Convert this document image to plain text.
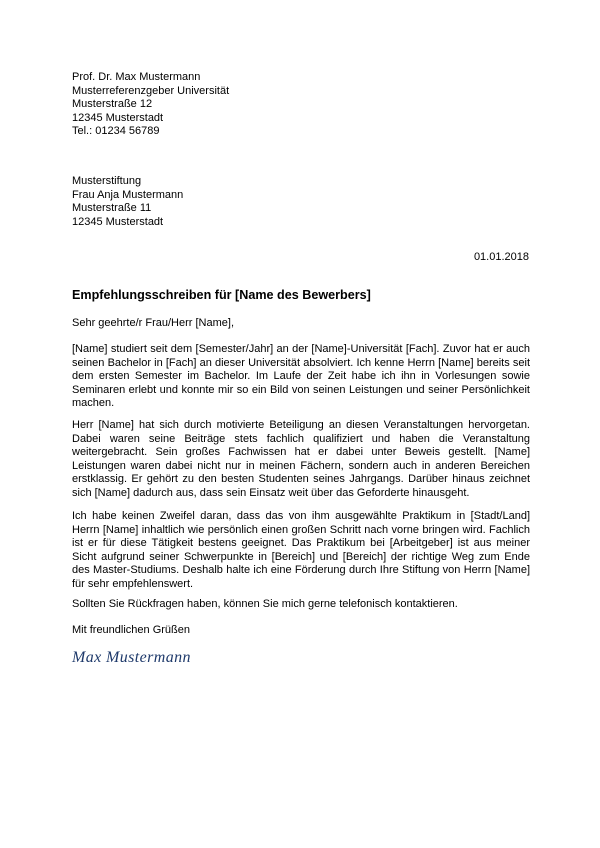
Prof. Dr. Max Mustermann
Musterreferenzgeber Universität
Musterstraße 12
12345 Musterstadt
Tel.: 01234 56789
Musterstiftung
Frau Anja Mustermann
Musterstraße 11
12345 Musterstadt
01.01.2018
Empfehlungsschreiben für [Name des Bewerbers]
Sehr geehrte/r Frau/Herr [Name],
[Name] studiert seit dem [Semester/Jahr] an der [Name]-Universität [Fach]. Zuvor hat er auch seinen Bachelor in [Fach] an dieser Universität absolviert. Ich kenne Herrn [Name] bereits seit dem ersten Semester im Bachelor. Im Laufe der Zeit habe ich ihn in Vorlesungen sowie Seminaren erlebt und konnte mir so ein Bild von seinen Leistungen und seiner Persönlichkeit machen.
Herr [Name] hat sich durch motivierte Beteiligung an diesen Veranstaltungen hervorgetan. Dabei waren seine Beiträge stets fachlich qualifiziert und haben die Veranstaltung weitergebracht. Sein großes Fachwissen hat er dabei unter Beweis gestellt. [Name] Leistungen waren dabei nicht nur in meinen Fächern, sondern auch in anderen Bereichen erstklassig. Er gehört zu den besten Studenten seines Jahrgangs. Darüber hinaus zeichnet sich [Name] dadurch aus, dass sein Einsatz weit über das Geforderte hinausgeht.
Ich habe keinen Zweifel daran, dass das von ihm ausgewählte Praktikum in [Stadt/Land] Herrn [Name] inhaltlich wie persönlich einen großen Schritt nach vorne bringen wird. Fachlich ist er für diese Tätigkeit bestens geeignet. Das Praktikum bei [Arbeitgeber] ist aus meiner Sicht aufgrund seiner Schwerpunkte in [Bereich] und [Bereich] der richtige Weg zum Ende des Master-Studiums. Deshalb halte ich eine Förderung durch Ihre Stiftung von Herrn [Name] für sehr empfehlenswert.
Sollten Sie Rückfragen haben, können Sie mich gerne telefonisch kontaktieren.
Mit freundlichen Grüßen
Max Mustermann
